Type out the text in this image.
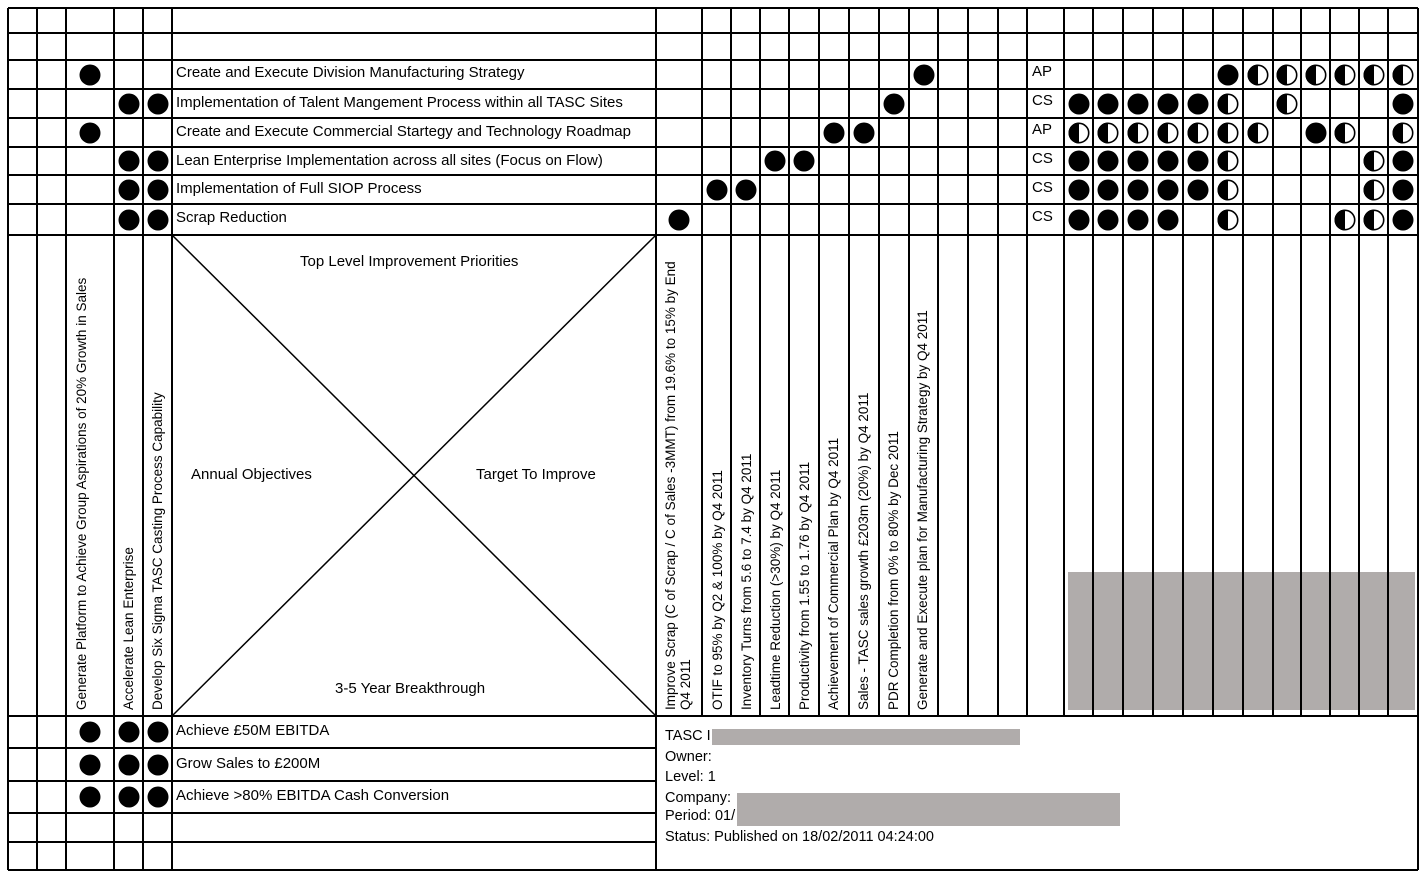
Top Level Improvement Priorities
Annual Objectives	Target To Improve
3-5 Year Breakthrough
Create and Execute Division Manufacturing Strategy
Implementation of Talent Mangement Process within all TASC Sites
Create and Execute Commercial Startegy and Technology Roadmap
Lean Enterprise Implementation across all sites (Focus on Flow)
Implementation of Full SIOP Process
Scrap Reduction
AP
CS
AP
CS
CS
CS
Achieve £50M EBITDA
Grow Sales to £200M
Achieve >80% EBITDA Cash Conversion
Generate Platform to Achieve Group Aspirations of 20% Growth in Sales Accelerate Lean Enterprise Develop Six Sigma TASC Casting Process Capability	Improve Scrap (C of Scrap / C of Sales -3MMT) from 19.6% to 15% by End Q4 2011 OTIF to 95% by Q2 & 100% by Q4 2011 Inventory Turns from 5.6 to 7.4 by Q4 2011 Leadtime Reduction (>30%) by Q4 2011 Productivity from 1.55 to 1.76 by Q4 2011 Achievement of Commercial Plan by Q4 2011 Sales - TASC sales growth £203m (20%) by Q4 2011 PDR Completion from 0% to 80% by Dec 2011 Generate and Execute plan for Manufacturing Strategy by Q4 2011
TASC I
Owner:
Level: 1
Company:
Period: 01/
Status: Published on 18/02/2011 04:24:00
